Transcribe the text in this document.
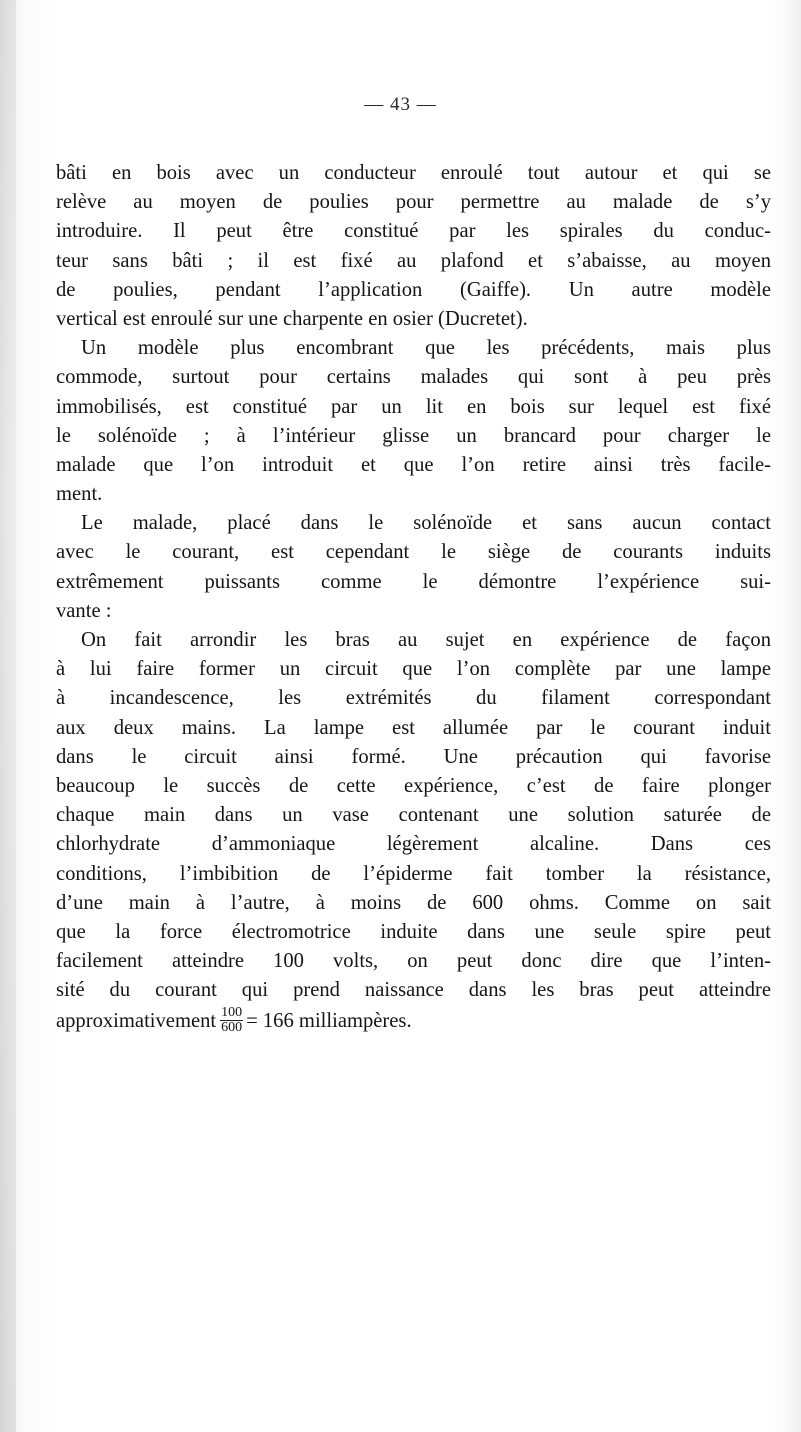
— 43 —
bâti en bois avec un conducteur enroulé tout autour et qui se
relève au moyen de poulies pour permettre au malade de s’y
introduire. Il peut être constitué par les spirales du conduc-
teur sans bâti ; il est fixé au plafond et s’abaisse, au moyen
de poulies, pendant l’application (Gaiffe). Un autre modèle
vertical est enroulé sur une charpente en osier (Ducretet).
Un modèle plus encombrant que les précédents, mais plus
commode, surtout pour certains malades qui sont à peu près
immobilisés, est constitué par un lit en bois sur lequel est fixé
le solénoïde ; à l’intérieur glisse un brancard pour charger le
malade que l’on introduit et que l’on retire ainsi très facile-
ment.
Le malade, placé dans le solénoïde et sans aucun contact
avec le courant, est cependant le siège de courants induits
extrêmement puissants comme le démontre l’expérience sui-
vante :
On fait arrondir les bras au sujet en expérience de façon
à lui faire former un circuit que l’on complète par une lampe
à incandescence, les extrémités du filament correspondant
aux deux mains. La lampe est allumée par le courant induit
dans le circuit ainsi formé. Une précaution qui favorise
beaucoup le succès de cette expérience, c’est de faire plonger
chaque main dans un vase contenant une solution saturée de
chlorhydrate d’ammoniaque légèrement alcaline. Dans ces
conditions, l’imbibition de l’épiderme fait tomber la résistance,
d’une main à l’autre, à moins de 600 ohms. Comme on sait
que la force électromotrice induite dans une seule spire peut
facilement atteindre 100 volts, on peut donc dire que l’inten-
sité du courant qui prend naissance dans les bras peut atteindre
approximativement $\frac{100}{600} = 166$ milliampères.
